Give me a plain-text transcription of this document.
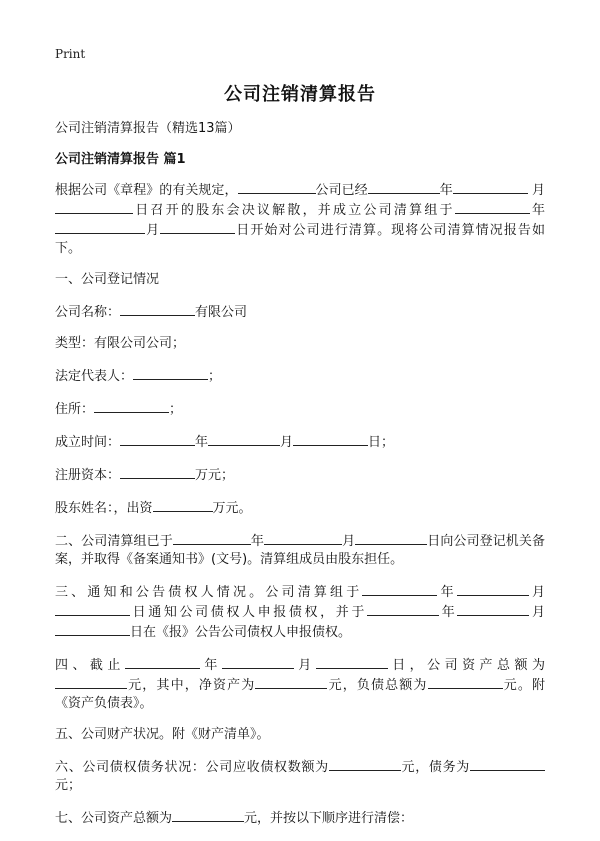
Print
公司注销清算报告
公司注销清算报告（精选13篇）
公司注销清算报告 篇1
根据公司《章程》的有关规定，	公司已经	年	月日召开的股东会决议解散，并成立公司清算组于	年月	日开始对公司进行清算。现将公司清算情况报告如下。
一、公司登记情况
公司名称：	有限公司
类型：有限公司公司；
法定代表人：	；
住所：	；
成立时间：	年	月	日；
注册资本：	万元；
股东姓名：，出资	万元。
二、公司清算组已于	年	月	日向公司登记机关备案，并取得《备案通知书》(文号)。清算组成员由股东担任。
三、通知和公告债权人情况。公司清算组于	年	月 日通知公司债权人申报债权，并于	年	月 日在《报》公告公司债权人申报债权。
四、截止	年	月	日，公司资产总额为 元，其中，净资产为	元，负债总额为	元。附《资产负债表》。
五、公司财产状况。附《财产清单》。
六、公司债权债务状况：公司应收债权数额为	元，债务为元；
七、公司资产总额为	元，并按以下顺序进行清偿：
